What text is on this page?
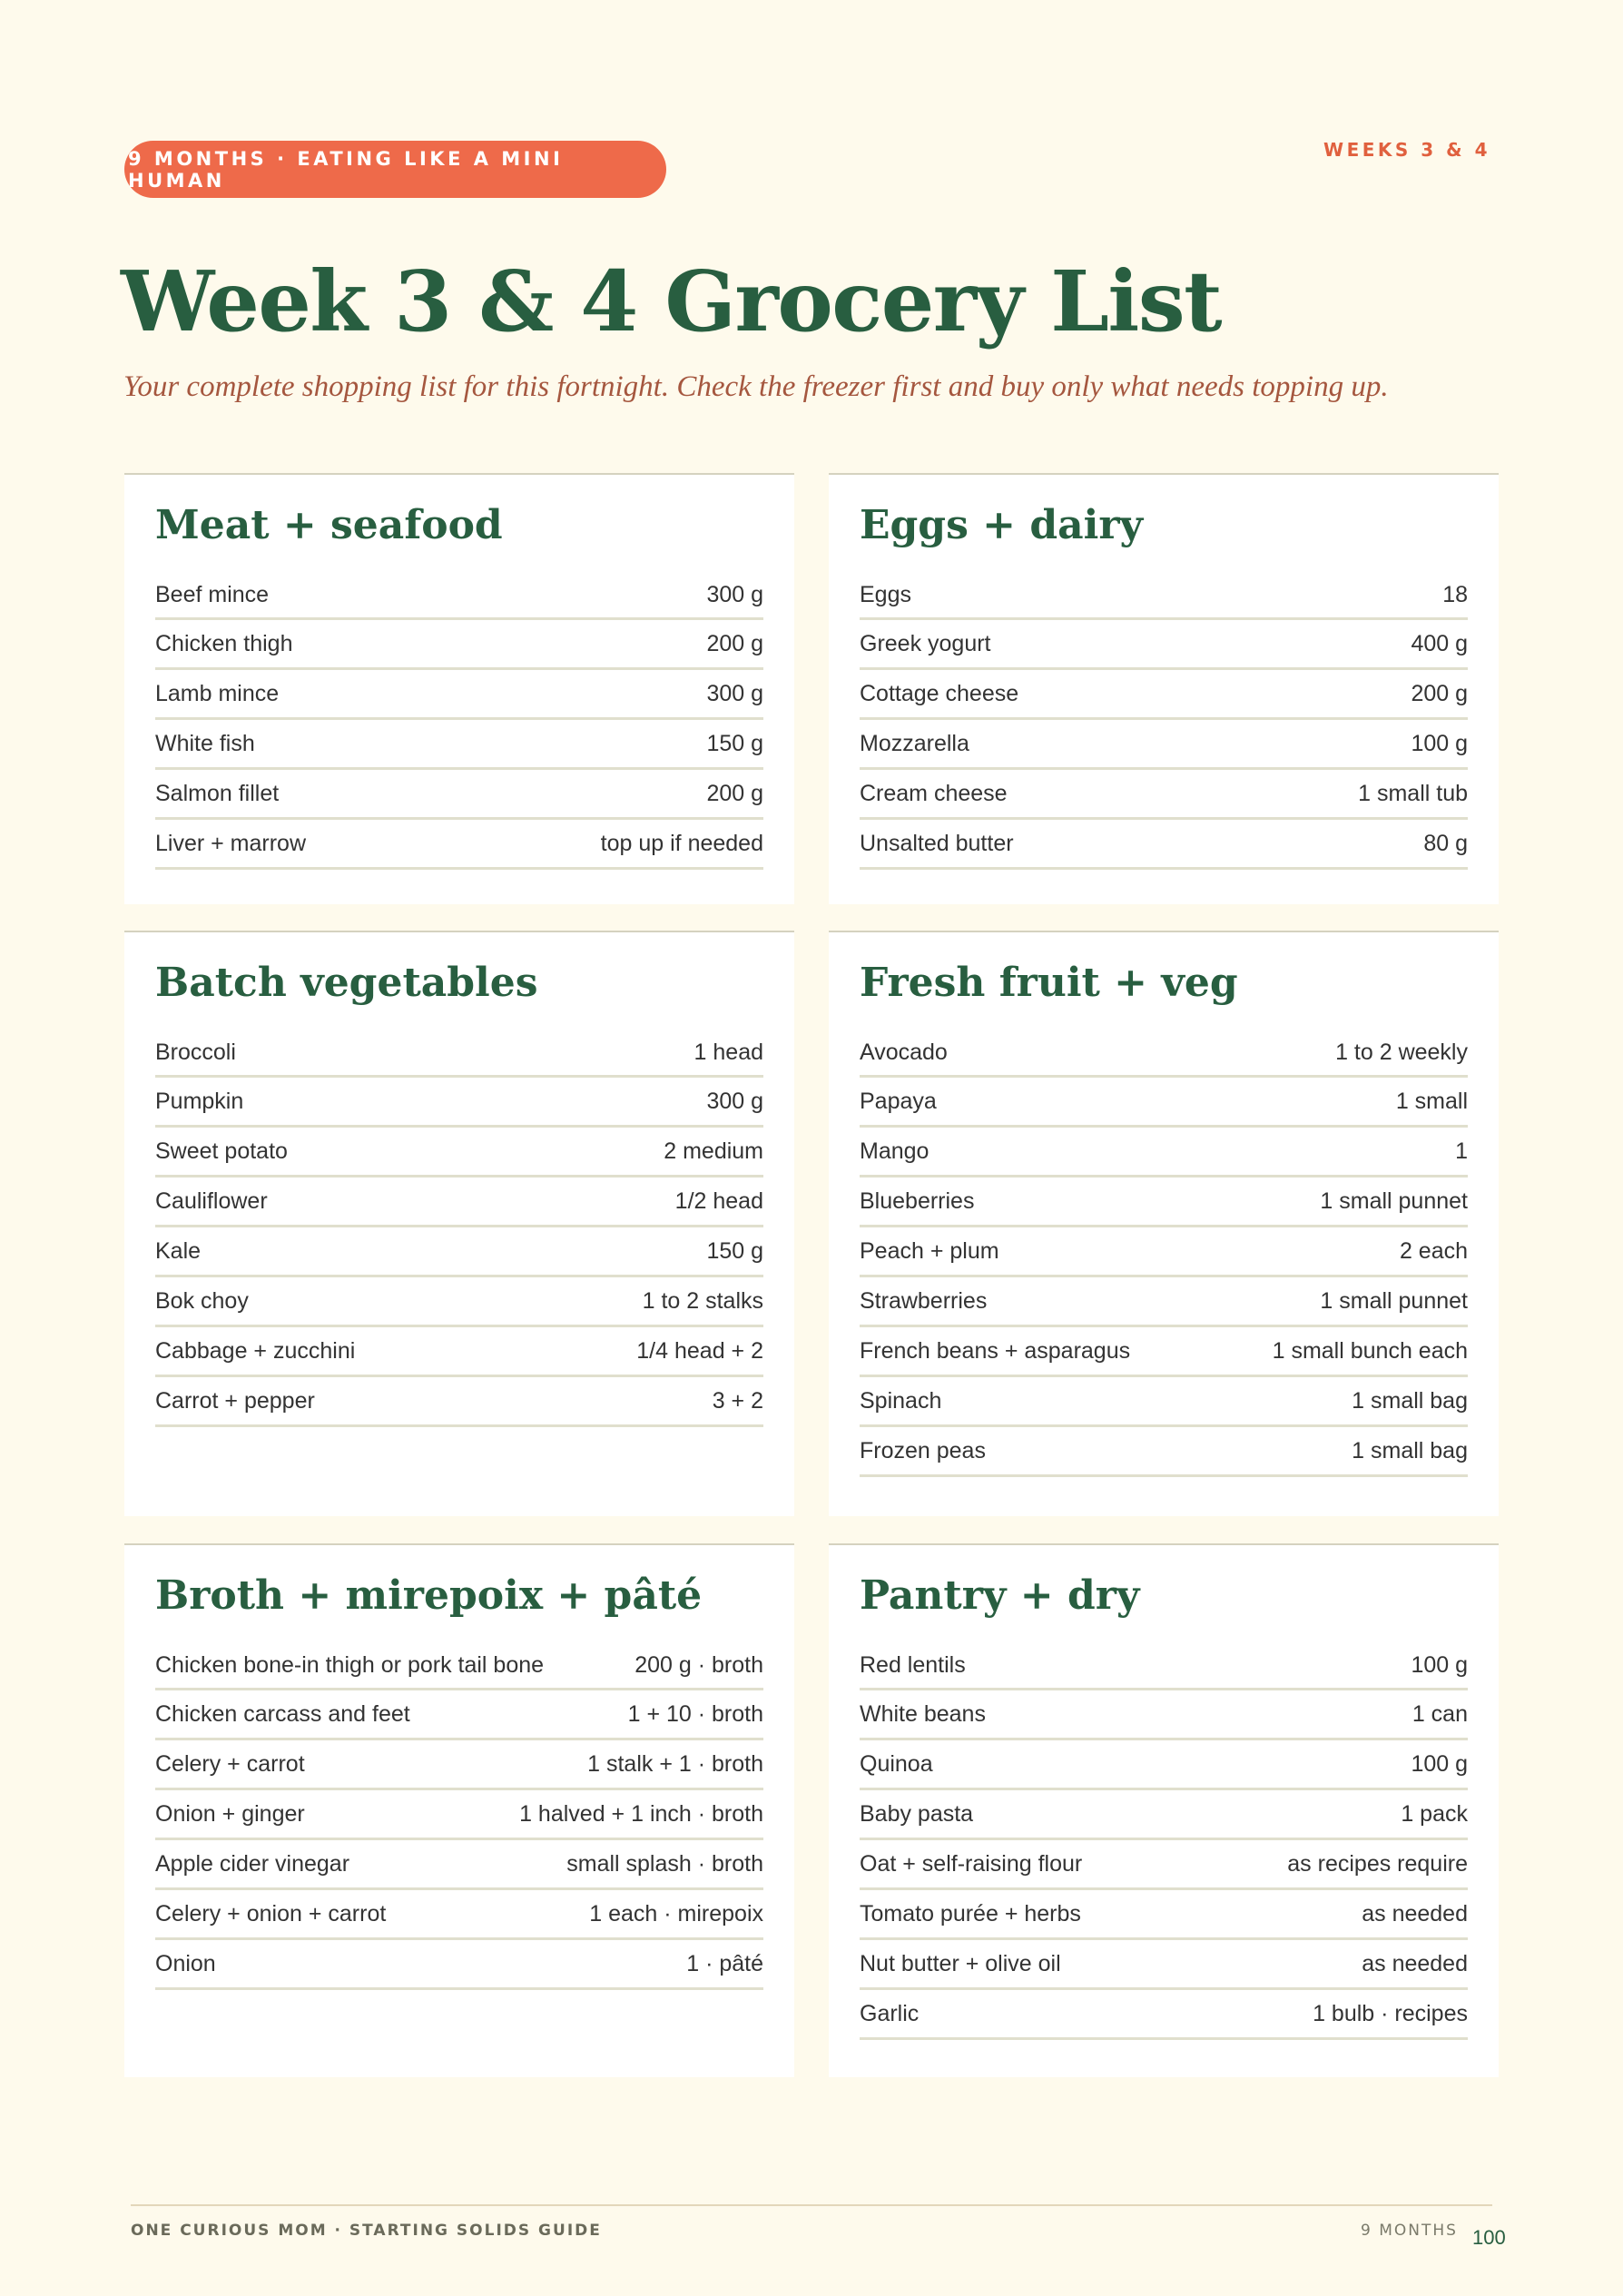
9 MONTHS · EATING LIKE A MINI HUMAN
WEEKS 3 & 4
Week 3 & 4 Grocery List

Your complete shopping list for this fortnight. Check the freezer first and buy only what needs topping up.

Meat + seafood
Beef mince	300 g
Chicken thigh	200 g
Lamb mince	300 g
White fish	150 g
Salmon fillet	200 g
Liver + marrow	top up if needed
Eggs + dairy
Eggs	18
Greek yogurt	400 g
Cottage cheese	200 g
Mozzarella	100 g
Cream cheese	1 small tub
Unsalted butter	80 g
Batch vegetables
Broccoli	1 head
Pumpkin	300 g
Sweet potato	2 medium
Cauliflower	1/2 head
Kale	150 g
Bok choy	1 to 2 stalks
Cabbage + zucchini	1/4 head + 2
Carrot + pepper	3 + 2
Fresh fruit + veg
Avocado	1 to 2 weekly
Papaya	1 small
Mango	1
Blueberries	1 small punnet
Peach + plum	2 each
Strawberries	1 small punnet
French beans + asparagus	1 small bunch each
Spinach	1 small bag
Frozen peas	1 small bag
Broth + mirepoix + pâté
Chicken bone-in thigh or pork tail bone	200 g · broth
Chicken carcass and feet	1 + 10 · broth
Celery + carrot	1 stalk + 1 · broth
Onion + ginger	1 halved + 1 inch · broth
Apple cider vinegar	small splash · broth
Celery + onion + carrot	1 each · mirepoix
Onion	1 · pâté
Pantry + dry
Red lentils	100 g
White beans	1 can
Quinoa	100 g
Baby pasta	1 pack
Oat + self-raising flour	as recipes require
Tomato purée + herbs	as needed
Nut butter + olive oil	as needed
Garlic	1 bulb · recipes
ONE CURIOUS MOM · STARTING SOLIDS GUIDE	9 MONTHS 100
